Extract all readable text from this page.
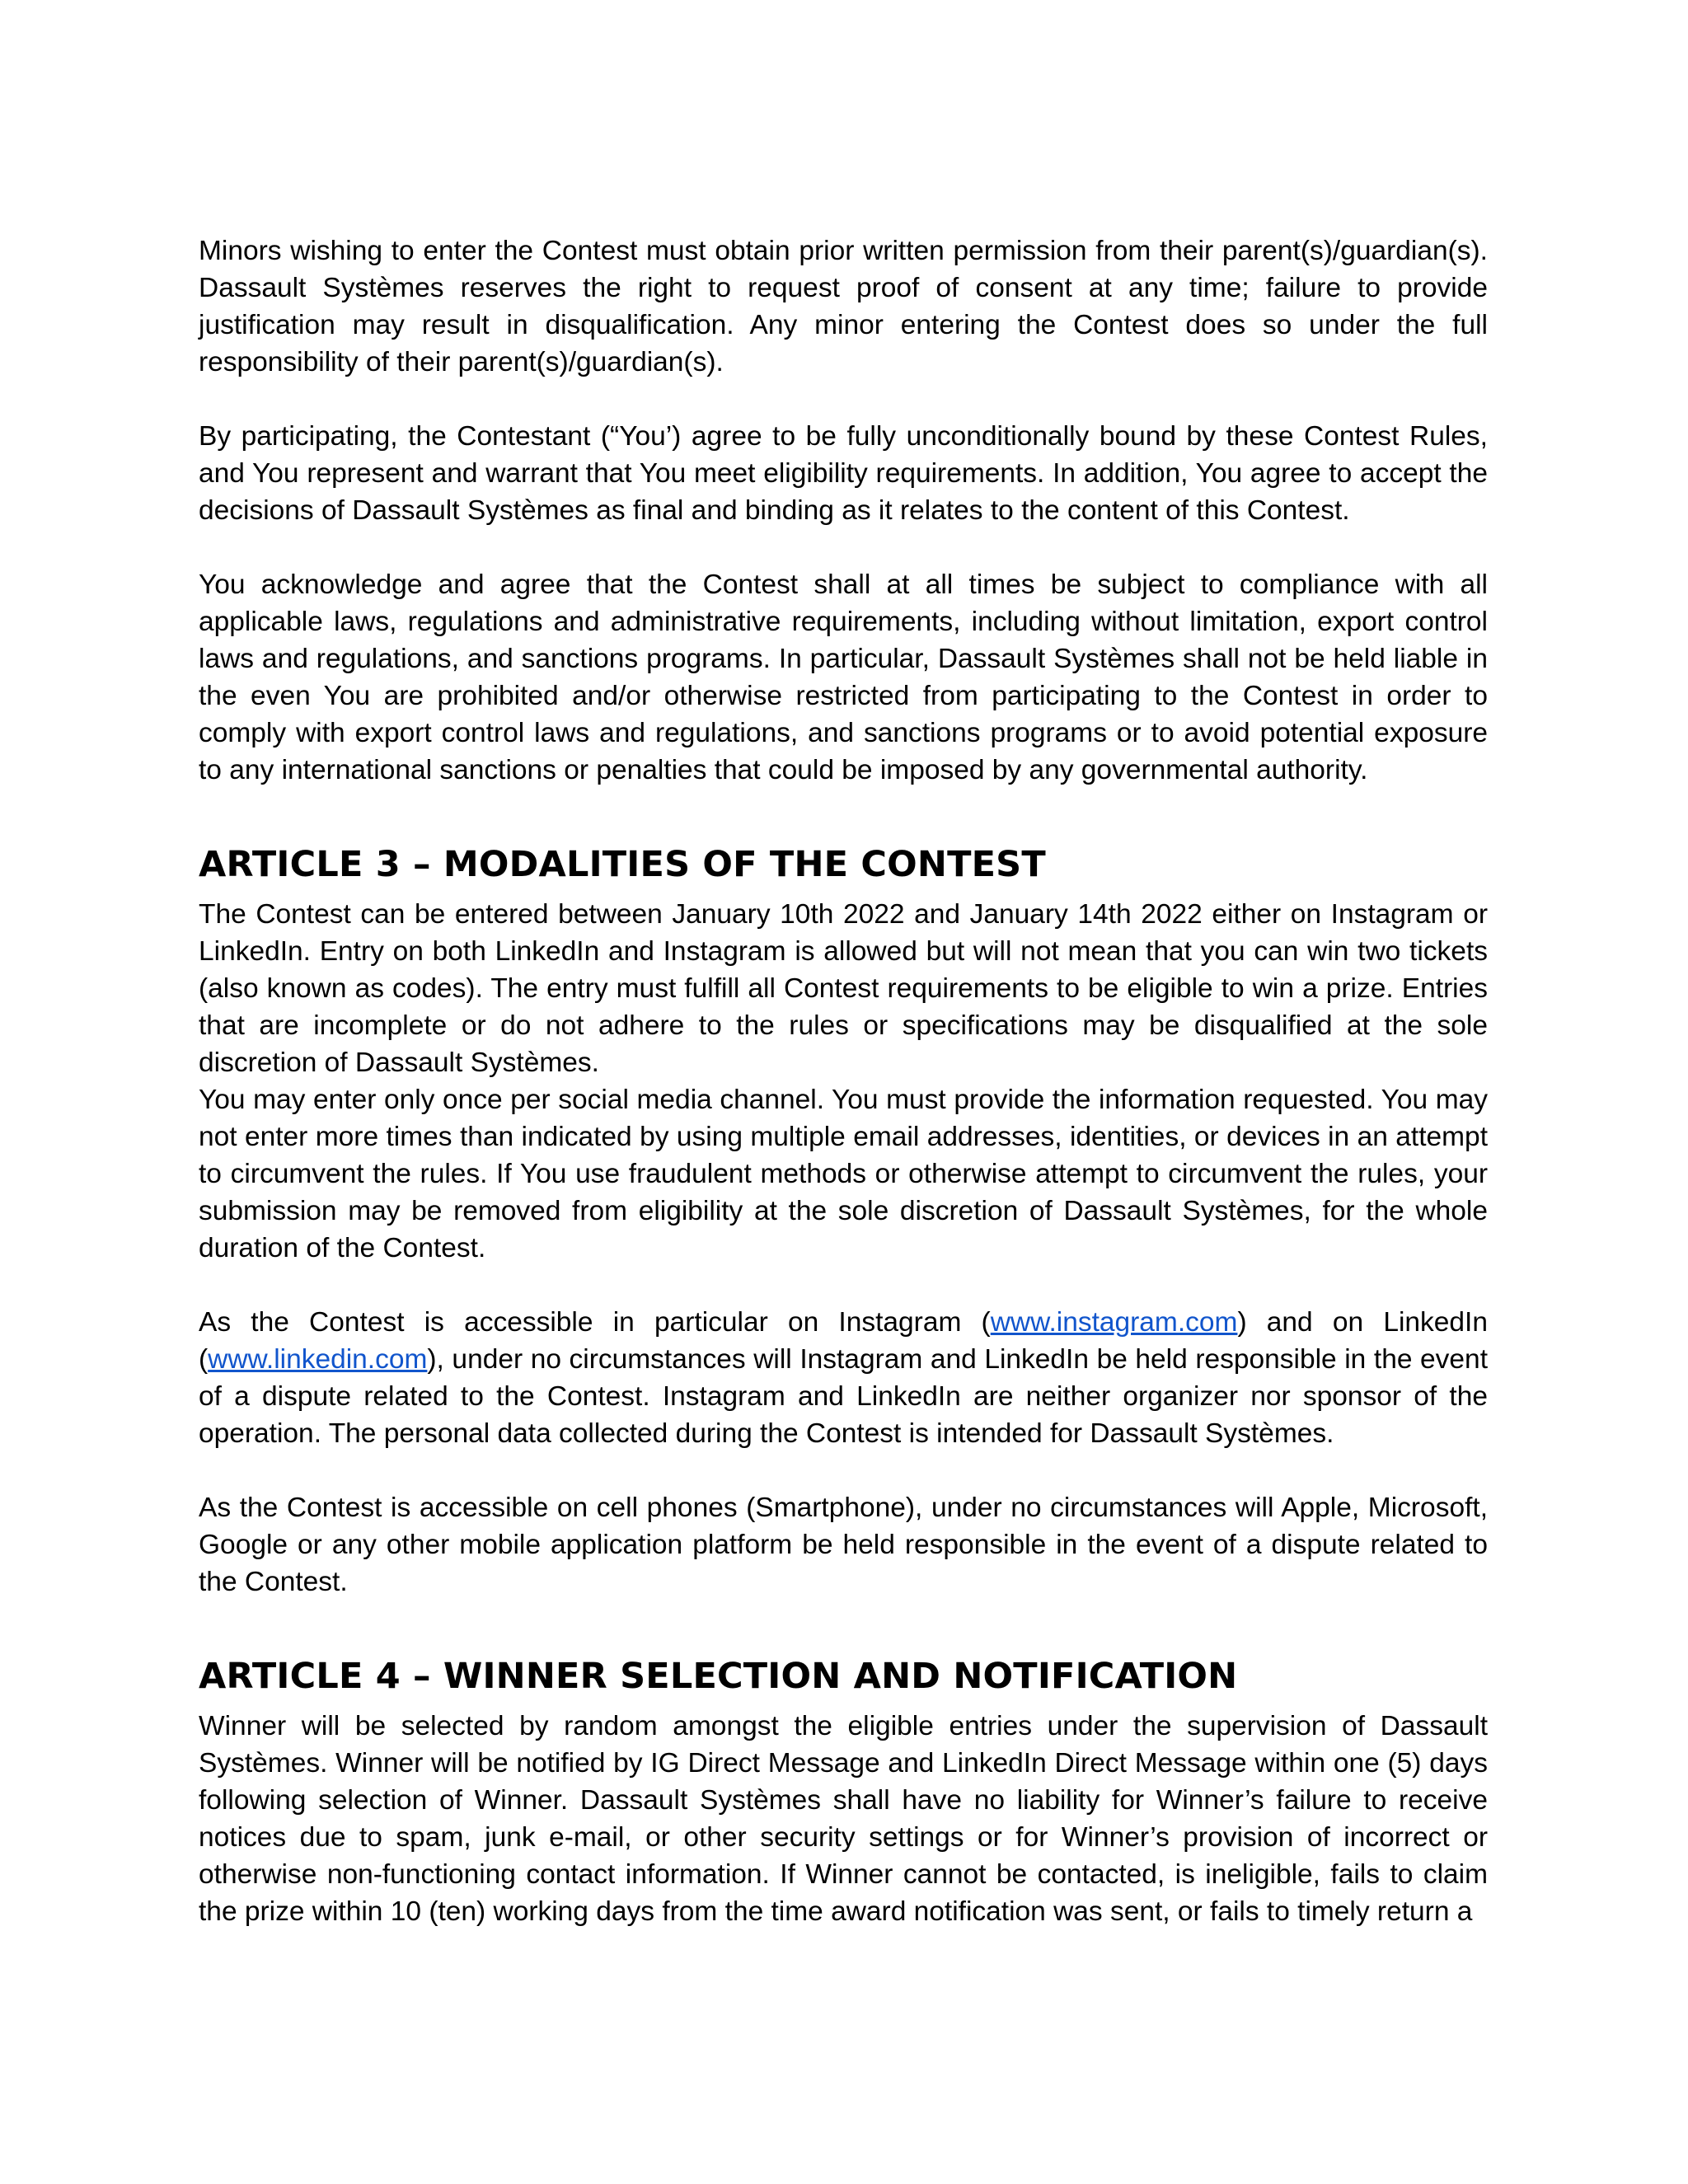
Minors wishing to enter the Contest must obtain prior written permission from their parent(s)/guardian(s). Dassault Systèmes reserves the right to request proof of consent at any time; failure to provide justification may result in disqualification. Any minor entering the Contest does so under the full responsibility of their parent(s)/guardian(s).

By participating, the Contestant (“You’) agree to be fully unconditionally bound by these Contest Rules, and You represent and warrant that You meet eligibility requirements. In addition, You agree to accept the decisions of Dassault Systèmes as final and binding as it relates to the content of this Contest.

You acknowledge and agree that the Contest shall at all times be subject to compliance with all applicable laws, regulations and administrative requirements, including without limitation, export control laws and regulations, and sanctions programs. In particular, Dassault Systèmes shall not be held liable in the even You are prohibited and/or otherwise restricted from participating to the Contest in order to comply with export control laws and regulations, and sanctions programs or to avoid potential exposure to any international sanctions or penalties that could be imposed by any governmental authority.

ARTICLE 3 – MODALITIES OF THE CONTEST

The Contest can be entered between January 10th 2022 and January 14th 2022 either on Instagram or LinkedIn. Entry on both LinkedIn and Instagram is allowed but will not mean that you can win two tickets (also known as codes). The entry must fulfill all Contest requirements to be eligible to win a prize. Entries that are incomplete or do not adhere to the rules or specifications may be disqualified at the sole discretion of Dassault Systèmes.

You may enter only once per social media channel. You must provide the information requested. You may not enter more times than indicated by using multiple email addresses, identities, or devices in an attempt to circumvent the rules. If You use fraudulent methods or otherwise attempt to circumvent the rules, your submission may be removed from eligibility at the sole discretion of Dassault Systèmes, for the whole duration of the Contest.

As the Contest is accessible in particular on Instagram (www.instagram.com) and on LinkedIn (www.linkedin.com), under no circumstances will Instagram and LinkedIn be held responsible in the event of a dispute related to the Contest. Instagram and LinkedIn are neither organizer nor sponsor of the operation. The personal data collected during the Contest is intended for Dassault Systèmes.

As the Contest is accessible on cell phones (Smartphone), under no circumstances will Apple, Microsoft, Google or any other mobile application platform be held responsible in the event of a dispute related to the Contest.

ARTICLE 4 – WINNER SELECTION AND NOTIFICATION

Winner will be selected by random amongst the eligible entries under the supervision of Dassault Systèmes. Winner will be notified by IG Direct Message and LinkedIn Direct Message within one (5) days following selection of Winner. Dassault Systèmes shall have no liability for Winner’s failure to receive notices due to spam, junk e-mail, or other security settings or for Winner’s provision of incorrect or otherwise non-functioning contact information. If Winner cannot be contacted, is ineligible, fails to claim the prize within 10 (ten) working days from the time award notification was sent, or fails to timely return a
